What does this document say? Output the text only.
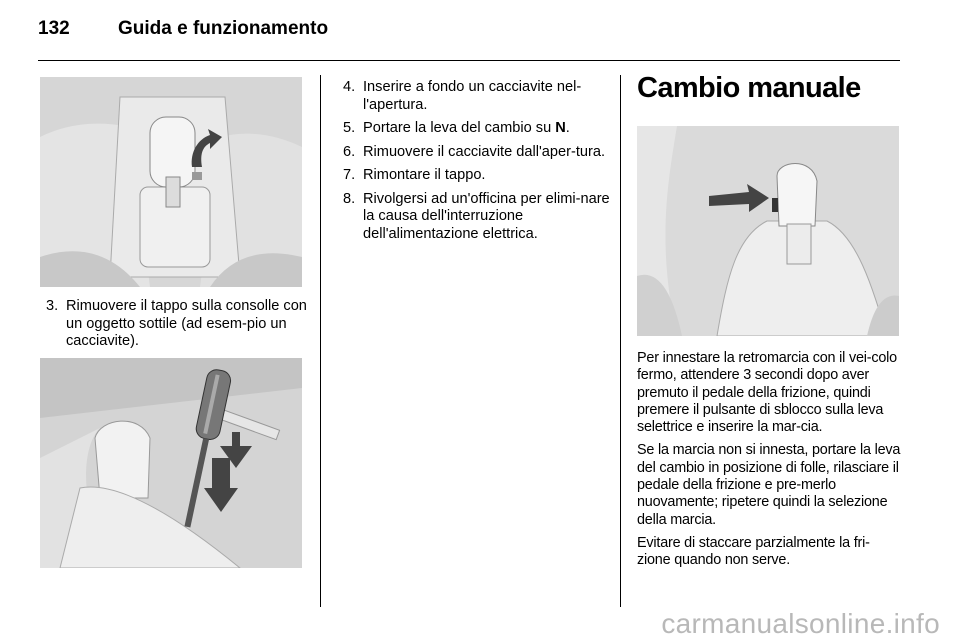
132	Guida e funzionamento
3. Rimuovere il tappo sulla consolle con un oggetto sottile (ad esem-pio un cacciavite).
4. Inserire a fondo un cacciavite nel-l'apertura.
5. Portare la leva del cambio su N.
6. Rimuovere il cacciavite dall'aper-tura.
7. Rimontare il tappo.
8. Rivolgersi ad un'officina per elimi-nare la causa dell'interruzione dell'alimentazione elettrica.
Cambio manuale

Per innestare la retromarcia con il vei-colo fermo, attendere 3 secondi dopo aver premuto il pedale della frizione, quindi premere il pulsante di sblocco sulla leva selettrice e inserire la mar-cia.

Se la marcia non si innesta, portare la leva del cambio in posizione di folle, rilasciare il pedale della frizione e pre-merlo nuovamente; ripetere quindi la selezione della marcia.

Evitare di staccare parzialmente la fri-zione quando non serve.

carmanualsonline.info
